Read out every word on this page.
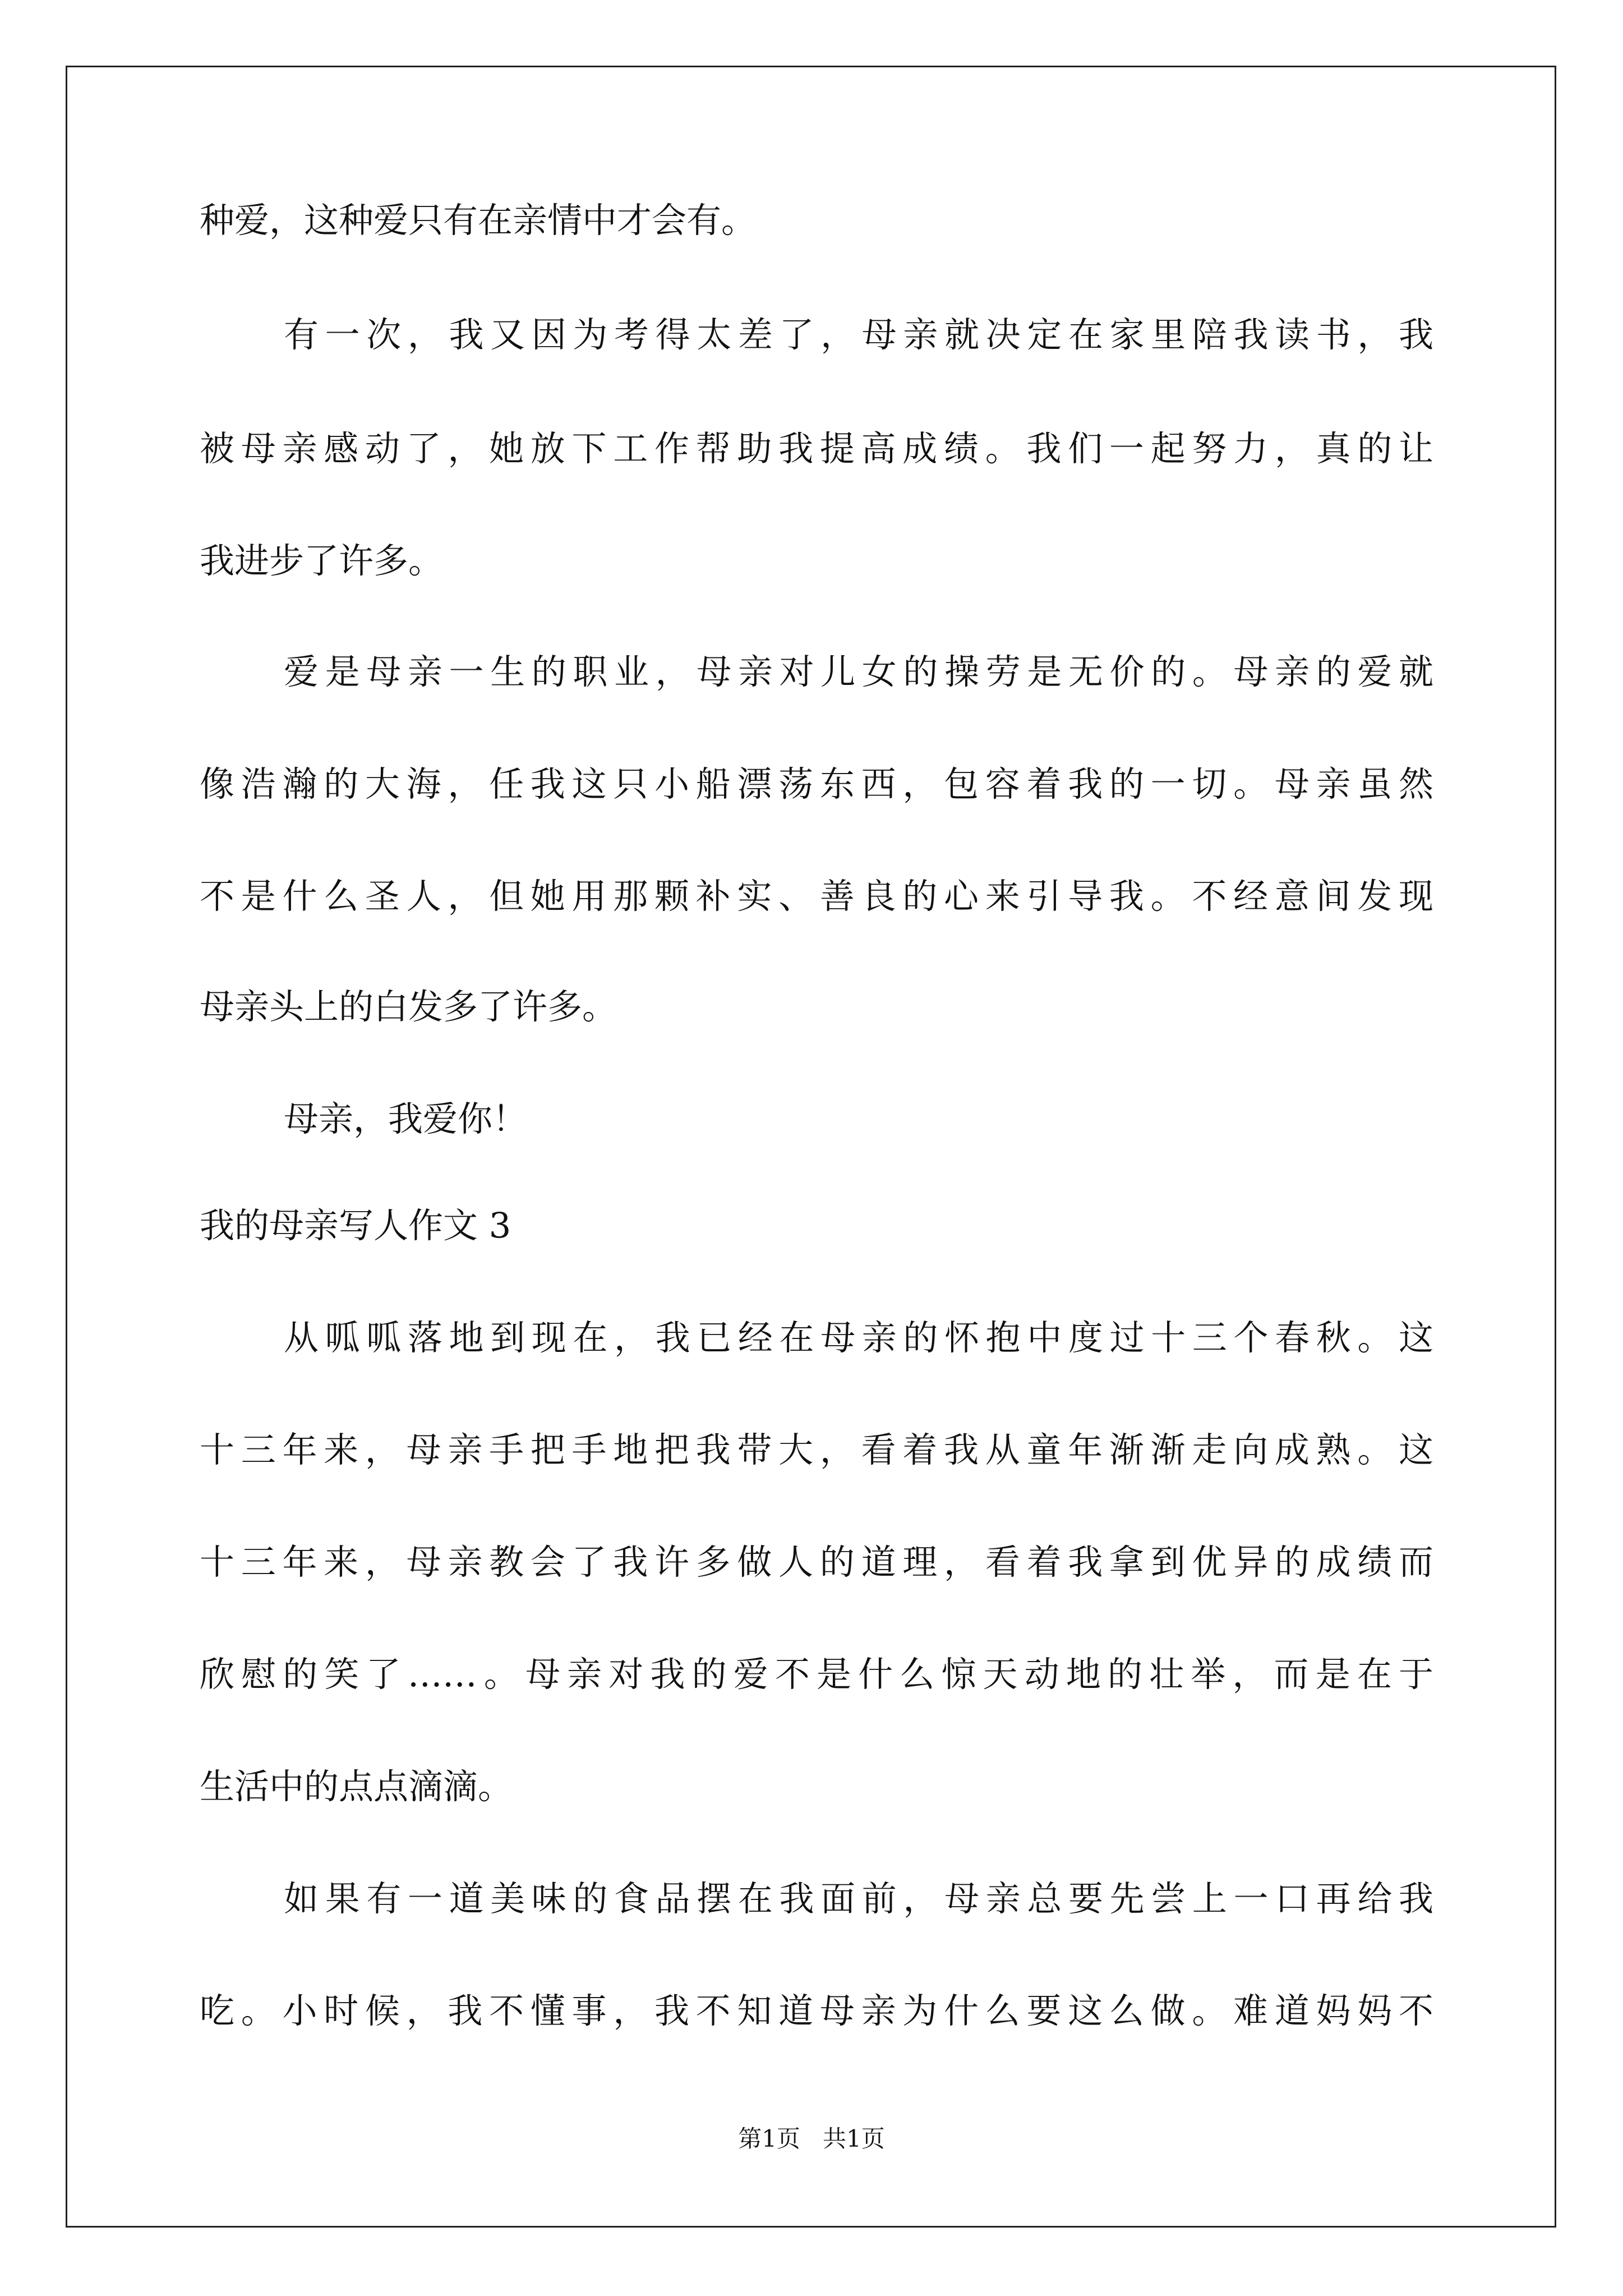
种爱，这种爱只有在亲情中才会有。
有一次，我又因为考得太差了，母亲就决定在家里陪我读书，我
被母亲感动了，她放下工作帮助我提高成绩。我们一起努力，真的让
我进步了许多。
爱是母亲一生的职业，母亲对儿女的操劳是无价的。母亲的爱就
像浩瀚的大海，任我这只小船漂荡东西，包容着我的一切。母亲虽然
不是什么圣人，但她用那颗补实、善良的心来引导我。不经意间发现
母亲头上的白发多了许多。
母亲，我爱你！
我的母亲写人作文 3
从呱呱落地到现在，我已经在母亲的怀抱中度过十三个春秋。这
十三年来，母亲手把手地把我带大，看着我从童年渐渐走向成熟。这
十三年来，母亲教会了我许多做人的道理，看着我拿到优异的成绩而
欣慰的笑了……。母亲对我的爱不是什么惊天动地的壮举，而是在于
生活中的点点滴滴。
如果有一道美味的食品摆在我面前，母亲总要先尝上一口再给我
吃。小时候，我不懂事，我不知道母亲为什么要这么做。难道妈妈不
第1页 共1页
